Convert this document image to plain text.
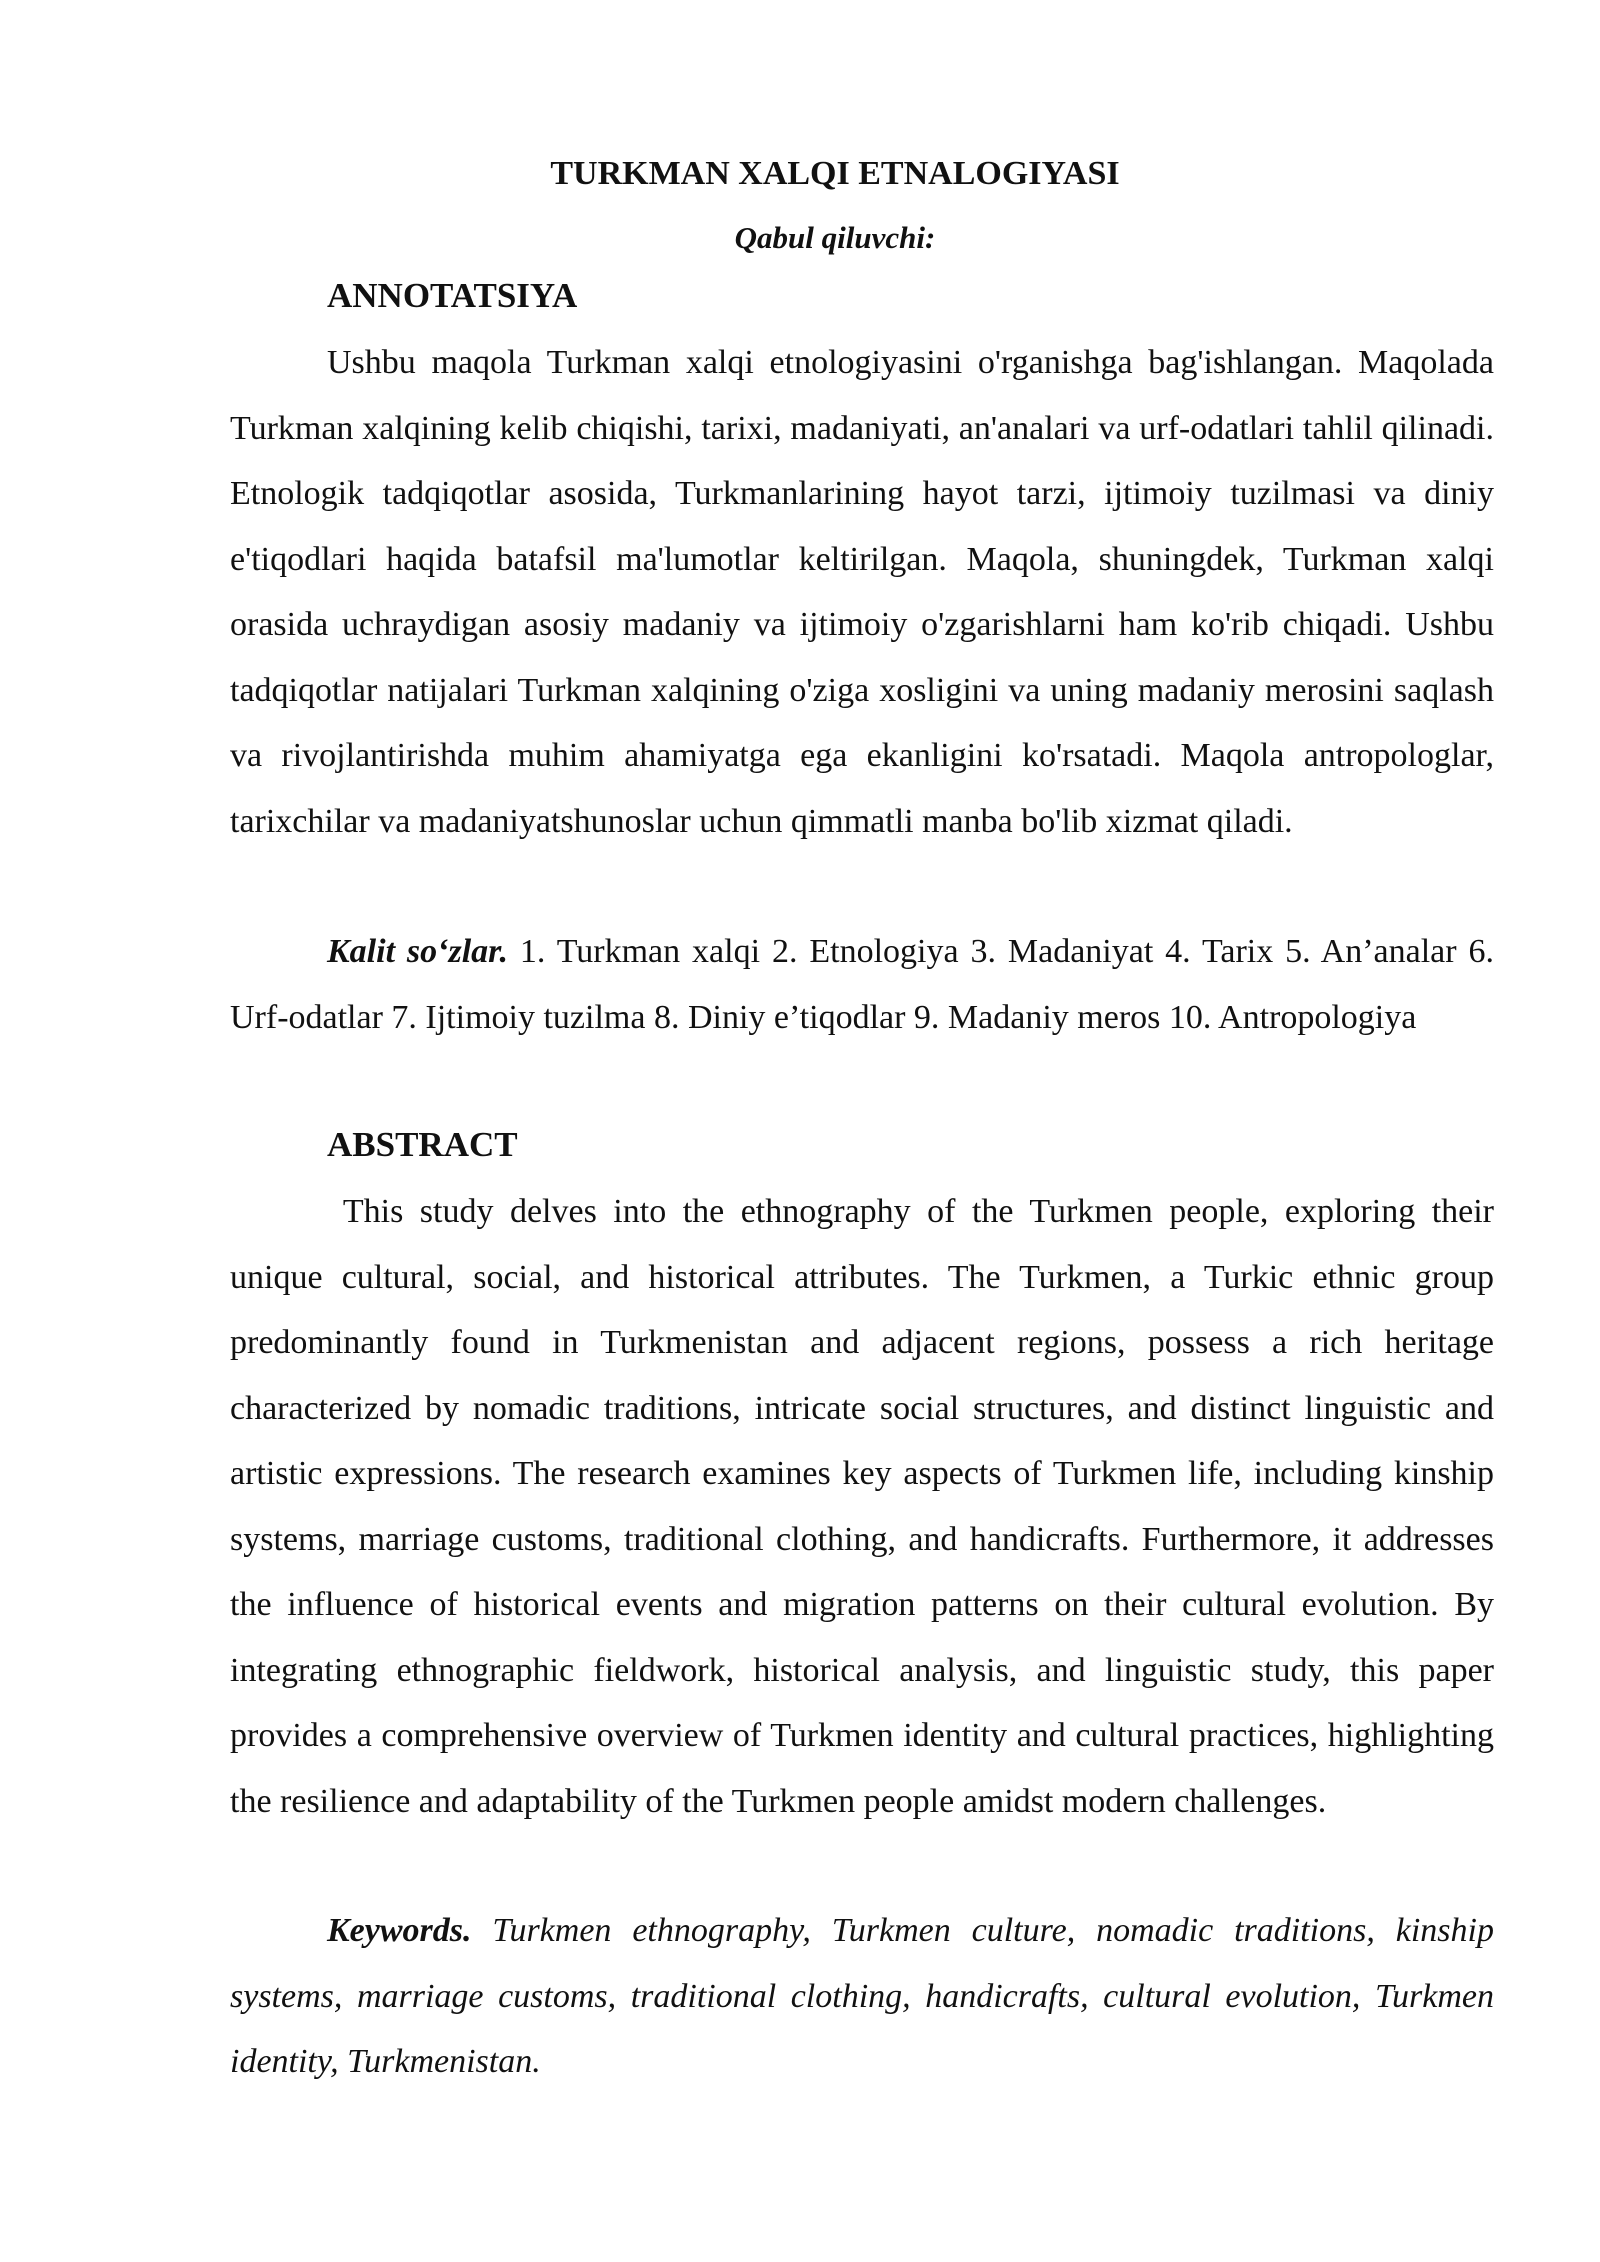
TURKMAN XALQI ETNALOGIYASI

Qabul qiluvchi:

ANNOTATSIYA

Ushbu maqola Turkman xalqi etnologiyasini o'rganishga bag'ishlangan. Maqolada Turkman xalqining kelib chiqishi, tarixi, madaniyati, an'analari va urf-odatlari tahlil qilinadi. Etnologik tadqiqotlar asosida, Turkmanlarining hayot tarzi, ijtimoiy tuzilmasi va diniy e'tiqodlari haqida batafsil ma'lumotlar keltirilgan. Maqola, shuningdek, Turkman xalqi orasida uchraydigan asosiy madaniy va ijtimoiy o'zgarishlarni ham ko'rib chiqadi. Ushbu tadqiqotlar natijalari Turkman xalqining o'ziga xosligini va uning madaniy merosini saqlash va rivojlantirishda muhim ahamiyatga ega ekanligini ko'rsatadi. Maqola antropologlar, tarixchilar va madaniyatshunoslar uchun qimmatli manba bo'lib xizmat qiladi.

Kalit so‘zlar. 1. Turkman xalqi 2. Etnologiya 3. Madaniyat 4. Tarix 5. An’analar 6. Urf-odatlar 7. Ijtimoiy tuzilma 8. Diniy e’tiqodlar 9. Madaniy meros 10. Antropologiya

ABSTRACT

This study delves into the ethnography of the Turkmen people, exploring their unique cultural, social, and historical attributes. The Turkmen, a Turkic ethnic group predominantly found in Turkmenistan and adjacent regions, possess a rich heritage characterized by nomadic traditions, intricate social structures, and distinct linguistic and artistic expressions. The research examines key aspects of Turkmen life, including kinship systems, marriage customs, traditional clothing, and handicrafts. Furthermore, it addresses the influence of historical events and migration patterns on their cultural evolution. By integrating ethnographic fieldwork, historical analysis, and linguistic study, this paper provides a comprehensive overview of Turkmen identity and cultural practices, highlighting the resilience and adaptability of the Turkmen people amidst modern challenges.

Keywords. Turkmen ethnography, Turkmen culture, nomadic traditions, kinship systems, marriage customs, traditional clothing, handicrafts, cultural evolution, Turkmen identity, Turkmenistan.
